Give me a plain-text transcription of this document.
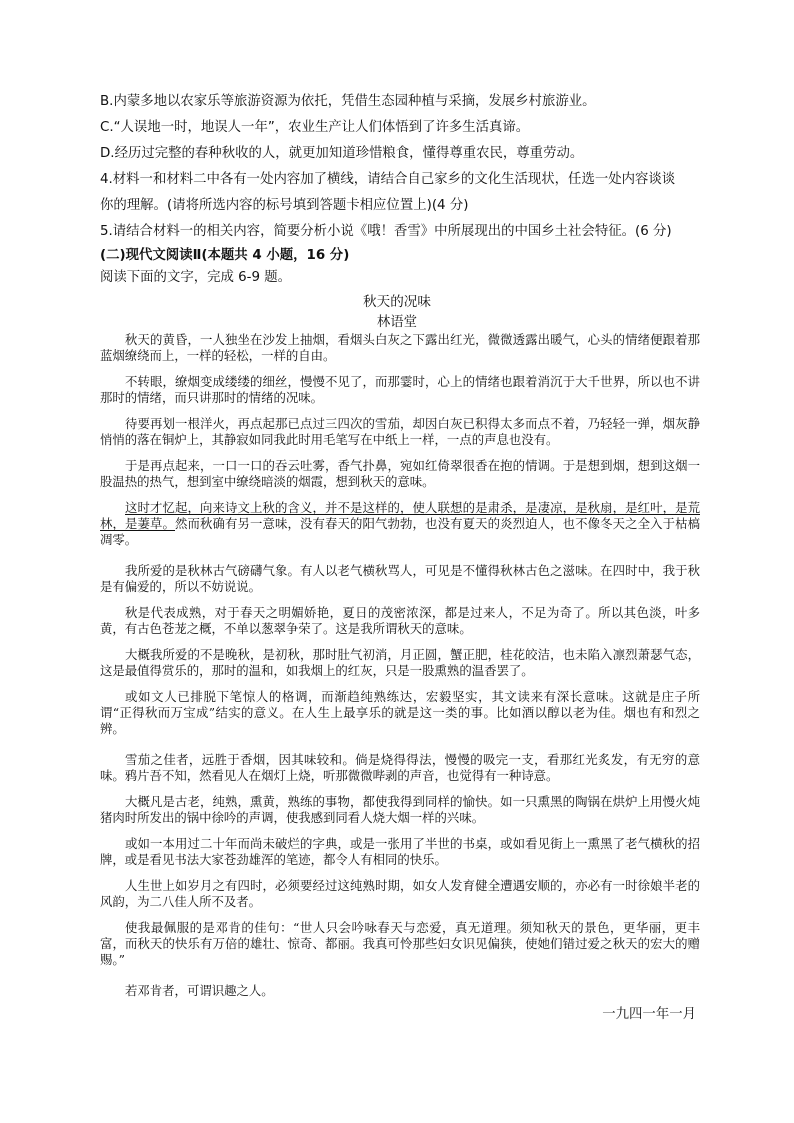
B.内蒙多地以农家乐等旅游资源为依托，凭借生态园种植与采摘，发展乡村旅游业。
C.“人误地一时，地误人一年”，农业生产让人们体悟到了许多生活真谛。
D.经历过完整的春种秋收的人，就更加知道珍惜粮食，懂得尊重农民，尊重劳动。
4.材料一和材料二中各有一处内容加了横线，请结合自己家乡的文化生活现状，任选一处内容谈谈
你的理解。(请将所选内容的标号填到答题卡相应位置上)(4 分)
5.请结合材料一的相关内容，简要分析小说《哦！香雪》中所展现出的中国乡土社会特征。(6 分)
(二)现代文阅读Ⅱ(本题共 4 小题，16 分)
阅读下面的文字，完成 6-9 题。
秋天的况味
林语堂
秋天的黄昏，一人独坐在沙发上抽烟，看烟头白灰之下露出红光，微微透露出暖气，心头的情绪便跟着那蓝烟缭绕而上，一样的轻松，一样的自由。
不转眼，缭烟变成缕缕的细丝，慢慢不见了，而那霎时，心上的情绪也跟着消沉于大千世界，所以也不讲那时的情绪，而只讲那时的情绪的况味。
待要再划一根洋火，再点起那已点过三四次的雪茄，却因白灰已积得太多而点不着，乃轻轻一弹，烟灰静悄悄的落在铜炉上，其静寂如同我此时用毛笔写在中纸上一样，一点的声息也没有。
于是再点起来，一口一口的吞云吐雾，香气扑鼻，宛如红倚翠很香在抱的情调。于是想到烟，想到这烟一股温热的热气，想到室中缭绕暗淡的烟霞，想到秋天的意味。
这时才忆起，向来诗文上秋的含义，并不是这样的，使人联想的是肃杀，是凄凉，是秋扇，是红叶，是荒林，是萋草。然而秋确有另一意味，没有春天的阳气勃勃，也没有夏天的炎烈迫人，也不像冬天之全入于枯槁凋零。
我所爱的是秋林古气磅礴气象。有人以老气横秋骂人，可见是不懂得秋林古色之滋味。在四时中，我于秋是有偏爱的，所以不妨说说。
秋是代表成熟，对于春天之明媚娇艳，夏日的茂密浓深，都是过来人，不足为奇了。所以其色淡，叶多黄，有古色苍茏之概，不单以葱翠争荣了。这是我所谓秋天的意味。
大概我所爱的不是晚秋，是初秋，那时肚气初消，月正圆，蟹正肥，桂花皎洁，也未陷入凛烈萧瑟气态，这是最值得赏乐的，那时的温和，如我烟上的红灰，只是一股熏熟的温香罢了。
或如文人已排脱下笔惊人的格调，而渐趋纯熟练达，宏毅坚实，其文读来有深长意味。这就是庄子所谓“正得秋而万宝成”结实的意义。在人生上最享乐的就是这一类的事。比如酒以醇以老为佳。烟也有和烈之辨。
雪茄之佳者，远胜于香烟，因其味较和。倘是烧得得法，慢慢的吸完一支，看那红光炙发，有无穷的意味。鸦片吾不知，然看见人在烟灯上烧，听那微微哔剥的声音，也觉得有一种诗意。
大概凡是古老，纯熟，熏黄，熟练的事物，都使我得到同样的愉快。如一只熏黑的陶锅在烘炉上用慢火炖猪肉时所发出的锅中徐吟的声调，使我感到同看人烧大烟一样的兴味。
或如一本用过二十年而尚未破烂的字典，或是一张用了半世的书桌，或如看见街上一熏黑了老气横秋的招牌，或是看见书法大家苍劲雄浑的笔迹，都令人有相同的快乐。
人生世上如岁月之有四时，必须要经过这纯熟时期，如女人发育健全遭遇安顺的，亦必有一时徐娘半老的风韵，为二八佳人所不及者。
使我最佩服的是邓肯的佳句：“世人只会吟咏春天与恋爱，真无道理。须知秋天的景色，更华丽，更丰富，而秋天的快乐有万倍的雄壮、惊奇、都丽。我真可怜那些妇女识见偏狭，使她们错过爱之秋天的宏大的赠赐。”
若邓肯者，可谓识趣之人。
一九四一年一月
